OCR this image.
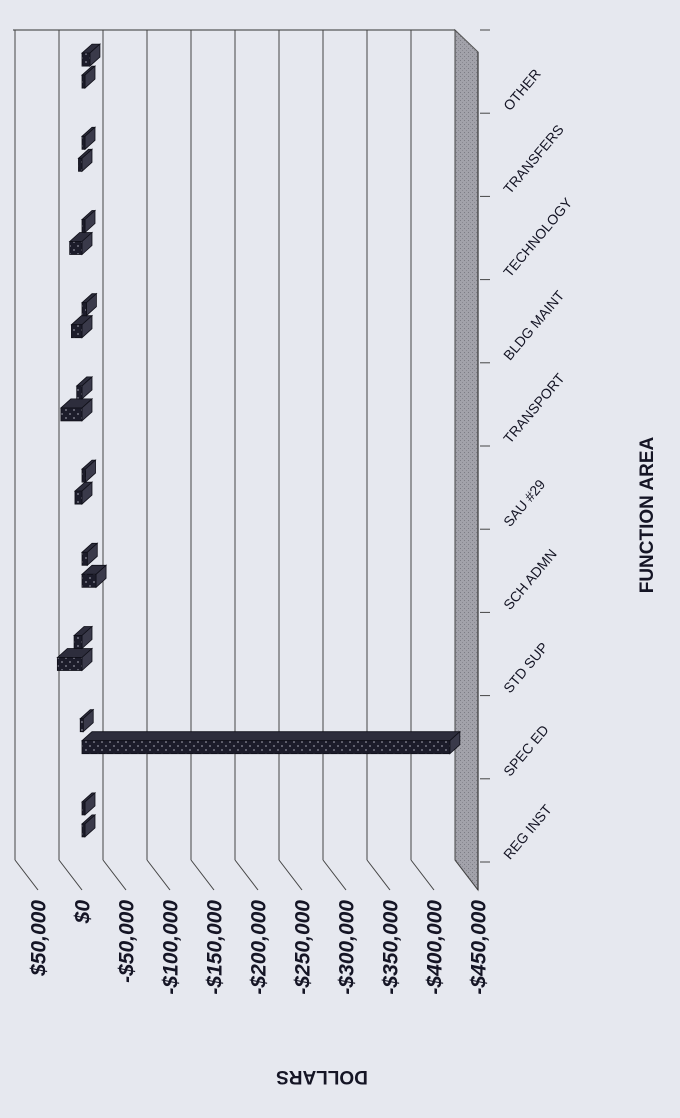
$50,000 $0 -$50,000 -$100,000 -$150,000 -$200,000 -$250,000 -$300,000 -$350,000 -$400,000 -$450,000
REG INST
SPEC ED
STD SUP
SCH ADMN
SAU #29
TRANSPORT
BLDG MAINT
TECHNOLOGY
TRANSFERS
OTHER
FUNCTION AREA
DOLLARS
